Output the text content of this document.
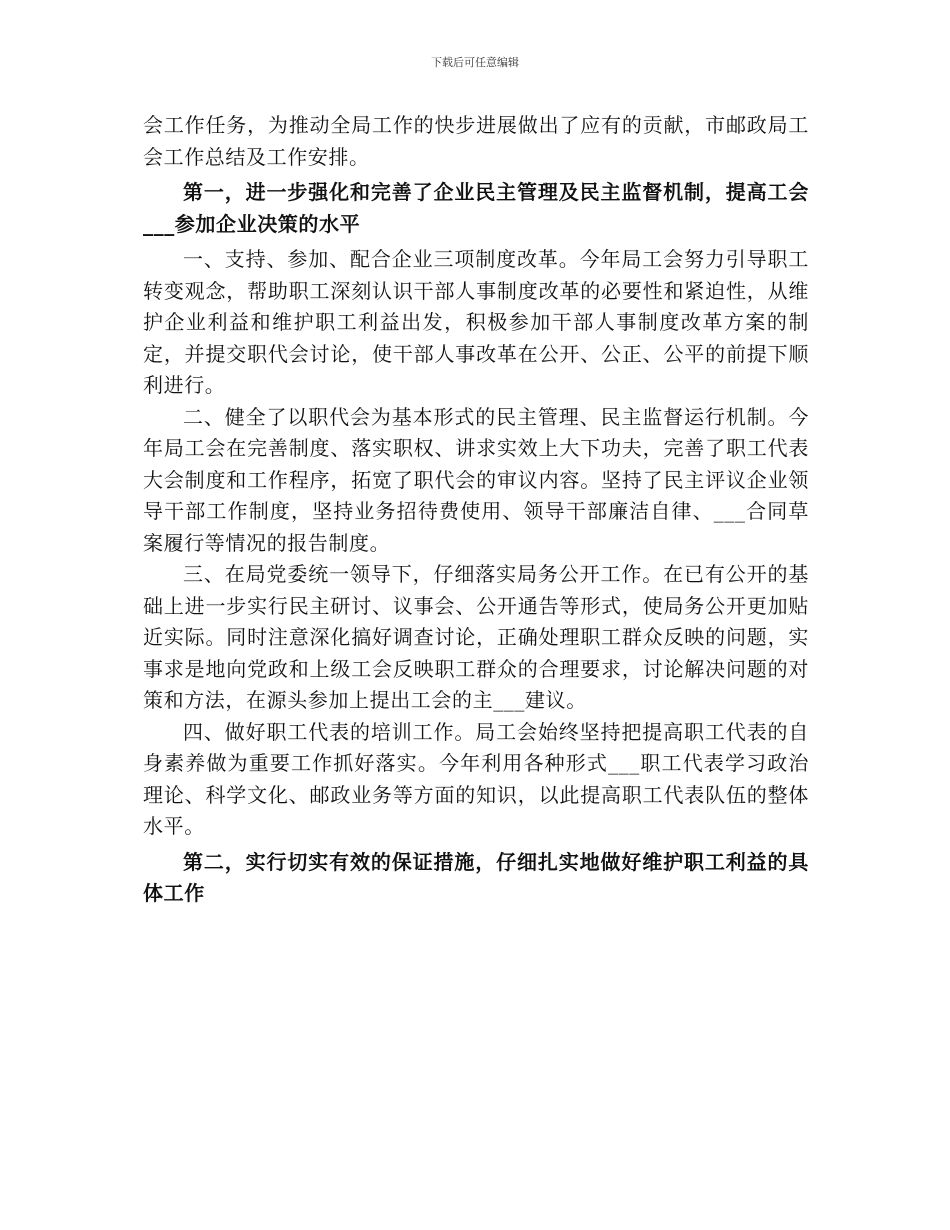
下载后可任意编辑

会工作任务，为推动全局工作的快步进展做出了应有的贡献，市邮政局工会工作总结及工作安排。

第一，进一步强化和完善了企业民主管理及民主监督机制，提高工会___参加企业决策的水平

一、支持、参加、配合企业三项制度改革。今年局工会努力引导职工转变观念，帮助职工深刻认识干部人事制度改革的必要性和紧迫性，从维护企业利益和维护职工利益出发，积极参加干部人事制度改革方案的制定，并提交职代会讨论，使干部人事改革在公开、公正、公平的前提下顺利进行。

二、健全了以职代会为基本形式的民主管理、民主监督运行机制。今年局工会在完善制度、落实职权、讲求实效上大下功夫，完善了职工代表大会制度和工作程序，拓宽了职代会的审议内容。坚持了民主评议企业领导干部工作制度，坚持业务招待费使用、领导干部廉洁自律、___合同草案履行等情况的报告制度。

三、在局党委统一领导下，仔细落实局务公开工作。在已有公开的基础上进一步实行民主研讨、议事会、公开通告等形式，使局务公开更加贴近实际。同时注意深化搞好调查讨论，正确处理职工群众反映的问题，实事求是地向党政和上级工会反映职工群众的合理要求，讨论解决问题的对策和方法，在源头参加上提出工会的主___建议。

四、做好职工代表的培训工作。局工会始终坚持把提高职工代表的自身素养做为重要工作抓好落实。今年利用各种形式___职工代表学习政治理论、科学文化、邮政业务等方面的知识，以此提高职工代表队伍的整体水平。

第二，实行切实有效的保证措施，仔细扎实地做好维护职工利益的具体工作
